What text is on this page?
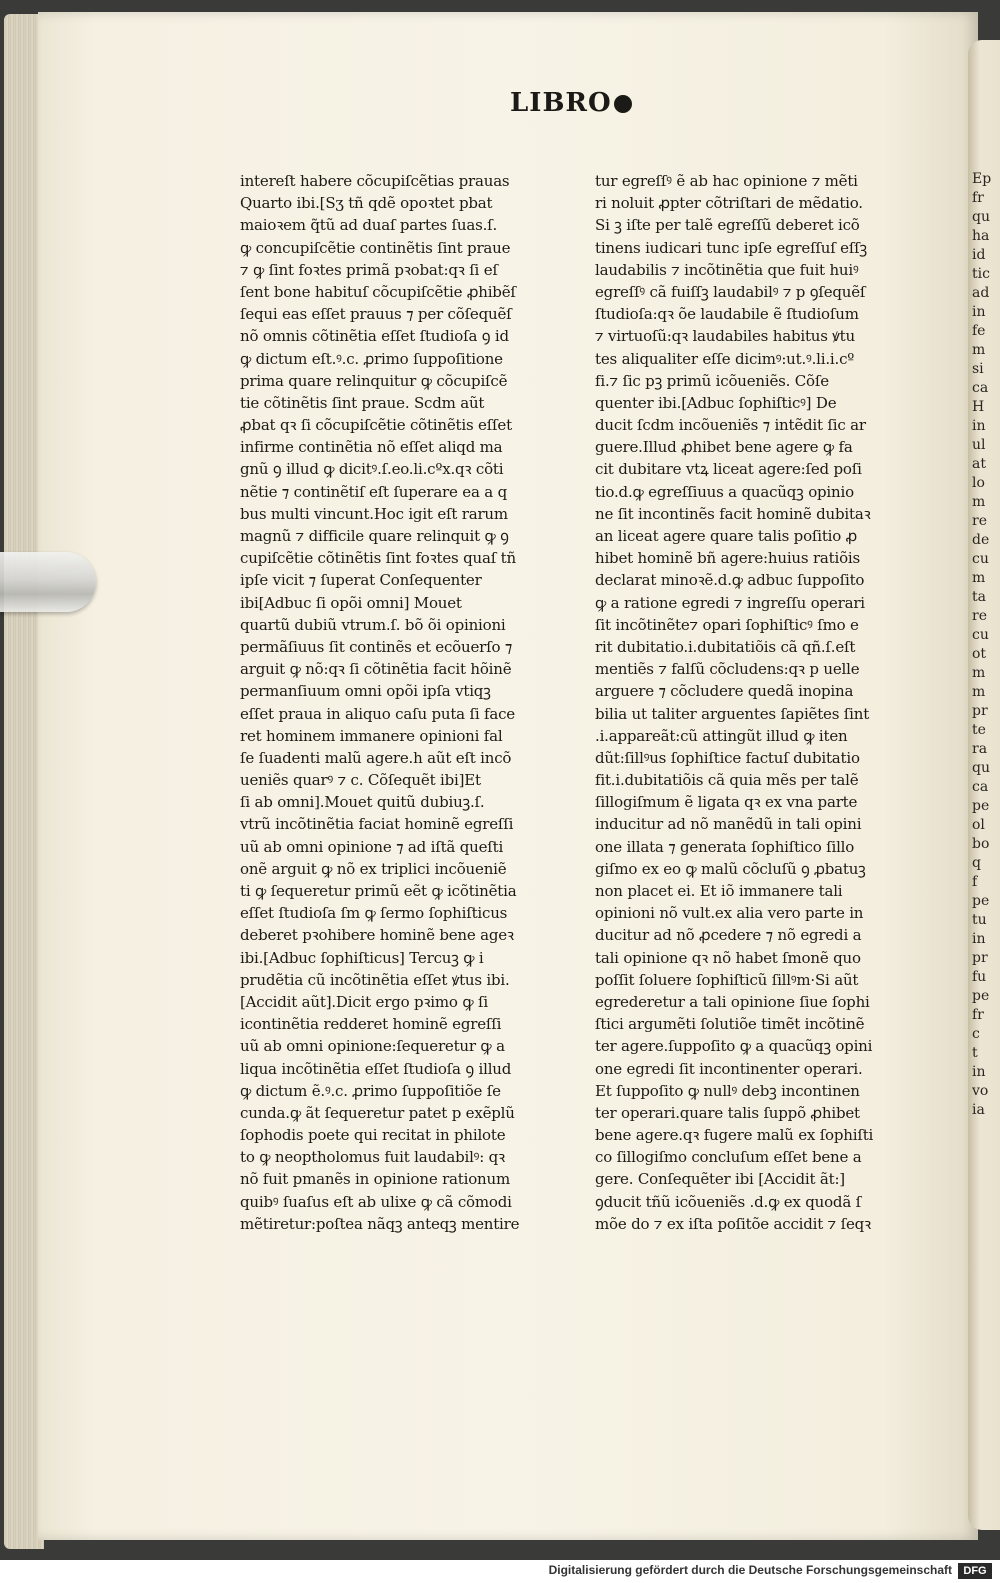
Ep
fr
qu
ha
id
tic
ad
in
fe
m
si
ca
H
in
ul
at
lo
m
re
de
cu
m
ta
re
cu
ot
m
m
pr
te
ra
qu
ca
pe
ol
bo
q
f
pe
tu
in
pr
fu
pe
fr
c
t
in
vo
ia
LIBRO
intereſt habere cõcupiſcẽtias prauas
Quarto ibi.[Sʒ tñ qdẽ opoꝛtet pbat
maioꝛem q̃tũ ad duaſ partes ſuas.ſ.
ꝙ concupiſcẽtie continẽtis ſint praue
⁊ ꝙ ſint foꝛtes primã pꝛobat:qꝛ ſi eſ
ſent bone habituſ cõcupiſcẽtie ꝓhibẽſ
ſequi eas eſſet prauus ⁊ per cõſequẽſ
nõ omnis cõtinẽtia eſſet ſtudioſa ꝯ id
ꝙ dictum eſt.ꝰ.c. ꝓrimo ſuppoſitione
prima quare relinquitur ꝙ cõcupiſcẽ
tie cõtinẽtis ſint praue. Scdm aũt
ꝓbat qꝛ ſi cõcupiſcẽtie cõtinẽtis eſſet
infirme continẽtia nõ eſſet aliqd ma
gnũ ꝯ illud ꝙ dicitꝰ.ſ.eo.li.cºx.qꝛ cõti
nẽtie ⁊ continẽtiſ eſt ſuperare ea a q
bus multi vincunt.Hoc igit eſt rarum
magnũ ⁊ difficile quare relinquit ꝙ ꝯ
cupiſcẽtie cõtinẽtis ſint foꝛtes quaſ tñ
ipſe vicit ⁊ ſuperat Conſequenter
ibi[Adbuc ſi opõi omni] Mouet
quartũ dubiũ vtrum.ſ. bõ õi opinioni
permãſiuus ſit continẽs et ecõuerſo ⁊
arguit ꝙ nõ:qꝛ ſi cõtinẽtia facit hõinẽ
permanſiuum omni opõi ipſa vtiqꝫ
eſſet praua in aliquo caſu puta ſi face
ret hominem immanere opinioni fal
ſe ſuadenti malũ agere.h aũt eſt incõ
ueniẽs quarꝰ ⁊ c. Cõſequẽt ibi]Et
ſi ab omni].Mouet quitũ dubiuꝫ.ſ.
vtrũ incõtinẽtia faciat hominẽ egreſſi
uũ ab omni opinione ⁊ ad iſtã queſti
onẽ arguit ꝙ nõ ex triplici incõueniẽ
ti ꝙ ſequeretur primũ eẽt ꝙ icõtinẽtia
eſſet ſtudioſa ſm ꝙ ſermo ſophiſticus
deberet pꝛohibere hominẽ bene ageꝛ
ibi.[Adbuc ſophiſticus] Tercuꝫ ꝙ i
prudẽtia cũ incõtinẽtia eſſet ꝟtus ibi.
[Accidit aũt].Dicit ergo pꝛimo ꝙ ſi
icontinẽtia redderet hominẽ egreſſi
uũ ab omni opinione:ſequeretur ꝙ a
liqua incõtinẽtia eſſet ſtudioſa ꝯ illud
ꝙ dictum ẽ.ꝰ.c. ꝓrimo ſuppoſitiõe ſe
cunda.ꝙ ãt ſequeretur patet p exẽplũ
ſophodis poete qui recitat in philote
to ꝙ neoptholomus fuit laudabilꝰ: qꝛ
nõ fuit pmanẽs in opinione rationum
quibꝰ ſuaſus eſt ab ulixe ꝙ cã cõmodi
mẽtiretur:poſtea nãqꝫ anteqꝫ mentire
tur egreſſꝰ ẽ ab hac opinione ⁊ mẽti
ri noluit ꝓpter cõtriſtari de mẽdatio.
Si ꝫ iſte per talẽ egreſſũ deberet icõ
tinens iudicari tunc ipſe egreſſuſ eſſꝫ
laudabilis ⁊ incõtinẽtia que fuit huiꝰ
egreſſꝰ cã fuiſſꝫ laudabilꝰ ⁊ p ꝯſequẽſ
ſtudioſa:qꝛ õe laudabile ẽ ſtudioſum
⁊ virtuoſũ:qꝛ laudabiles habitus ꝟtu
tes aliqualiter eſſe dicimꝰ:ut.ꝰ.li.i.cº
fi.⁊ ſic pꝫ primũ icõueniẽs. Cõſe
quenter ibi.[Adbuc ſophiſticꝰ] De
ducit ſcdm incõueniẽs ⁊ intẽdit ſic ar
guere.Illud ꝓhibet bene agere ꝙ fa
cit dubitare vtꝝ liceat agere:ſed poſi
tio.d.ꝙ egreſſiuus a quacũqꝫ opinio
ne ſit incontinẽs facit hominẽ dubitaꝛ
an liceat agere quare talis poſitio ꝓ
hibet hominẽ bñ agere:huius ratiõis
declarat minoꝛẽ.d.ꝙ adbuc ſuppoſito
ꝙ a ratione egredi ⁊ ingreſſu operari
ſit incõtinẽte⁊ opari ſophiſticꝰ ſmo e
rit dubitatio.i.dubitatiõis cã qñ.ſ.eſt
mentiẽs ⁊ falſũ cõcludens:qꝛ p uelle
arguere ⁊ cõcludere quedã inopina
bilia ut taliter arguentes ſapiẽtes ſint
.i.appareãt:cũ attingũt illud ꝙ iten
dũt:ſillꝰus ſophiſtice factuſ dubitatio
fit.i.dubitatiõis cã quia mẽs per talẽ
ſillogiſmum ẽ ligata qꝛ ex vna parte
inducitur ad nõ manẽdũ in tali opini
one illata ⁊ generata ſophiſtico ſillo
giſmo ex eo ꝙ malũ cõcluſũ ꝯ ꝓbatuꝫ
non placet ei. Et iõ immanere tali
opinioni nõ vult.ex alia vero parte in
ducitur ad nõ ꝓcedere ⁊ nõ egredi a
tali opinione qꝛ nõ habet ſmonẽ quo
poſſit ſoluere ſophiſticũ ſillꝰm·Si aũt
egrederetur a tali opinione ſiue ſophi
ſtici argumẽti ſolutiõe timẽt incõtinẽ
ter agere.ſuppoſito ꝙ a quacũqꝫ opini
one egredi ſit incontinenter operari.
Et ſuppoſito ꝙ nullꝰ debꝫ incontinen
ter operari.quare talis ſuppõ ꝓhibet
bene agere.qꝛ fugere malũ ex ſophiſti
co ſillogiſmo concluſum eſſet bene a
gere. Conſequẽter ibi [Accidit ãt:]
ꝯducit tñũ icõueniẽs .d.ꝙ ex quodã ſ
mõe do ⁊ ex iſta poſitõe accidit ⁊ ſeqꝛ
Digitalisierung gefördert durch die Deutsche Forschungsgemeinschaft	DFG
